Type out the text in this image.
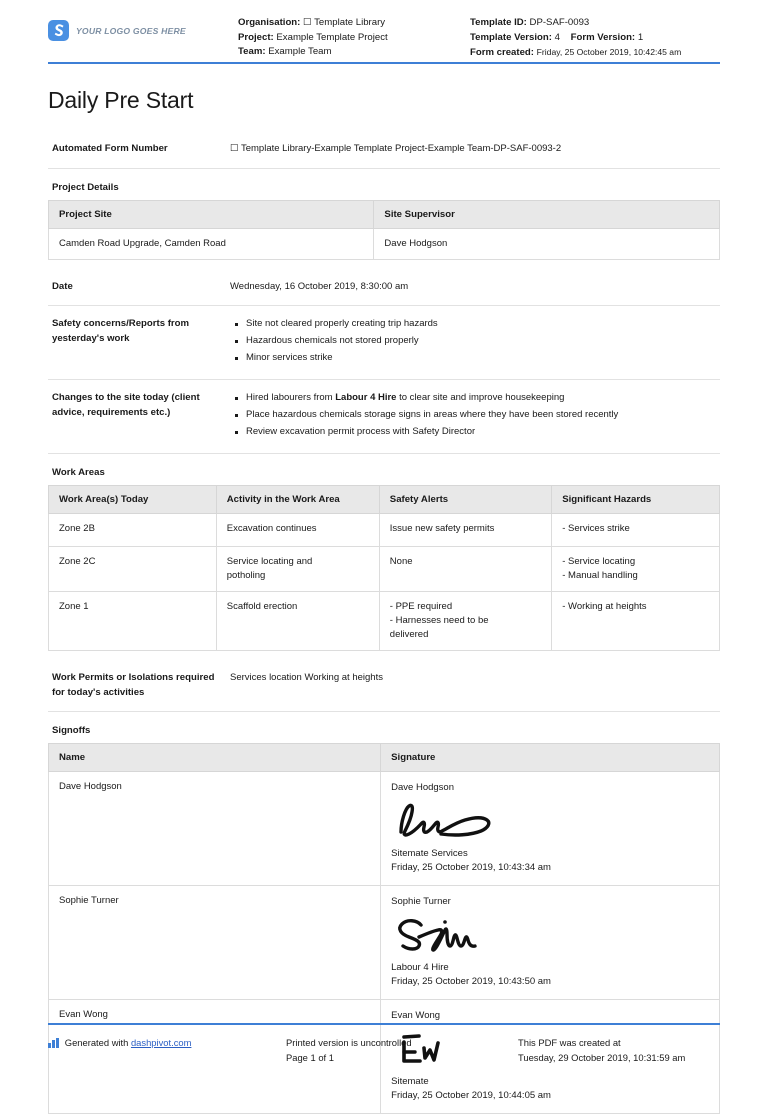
YOUR LOGO GOES HERE
Organisation: ☐ Template Library
Project: Example Template Project
Team: Example Team
Template ID: DP-SAF-0093
Template Version: 4 Form Version: 1
Form created: Friday, 25 October 2019, 10:42:45 am
Daily Pre Start
Automated Form Number	☐ Template Library-Example Template Project-Example Team-DP-SAF-0093-2
Project Details
Project Site	Site Supervisor
Camden Road Upgrade, Camden Road	Dave Hodgson
Date	Wednesday, 16 October 2019, 8:30:00 am
Safety concerns/Reports from yesterday's work
Site not cleared properly creating trip hazards
Hazardous chemicals not stored properly
Minor services strike
Changes to the site today (client advice, requirements etc.)
Hired labourers from Labour 4 Hire to clear site and improve housekeeping
Place hazardous chemicals storage signs in areas where they have been stored recently
Review excavation permit process with Safety Director
Work Areas
Work Area(s) Today	Activity in the Work Area	Safety Alerts	Significant Hazards
Zone 2B	Excavation continues	Issue new safety permits	- Services strike

Zone 2C	Service locating and
potholing	None	- Service locating
- Manual handling

Zone 1	Scaffold erection	- PPE required
- Harnesses need to be
delivered	- Working at heights
Work Permits or Isolations required for today's activities
Services location Working at heights
Signoffs
Name	Signature
Dave Hodgson	Dave Hodgson
Sitemate Services
Friday, 25 October 2019, 10:43:34 am

Sophie Turner	Sophie Turner
Labour 4 Hire
Friday, 25 October 2019, 10:43:50 am

Evan Wong	Evan Wong
Sitemate
Friday, 25 October 2019, 10:44:05 am
Generated with dashpivot.com	Printed version is uncontrolled
Page 1 of 1
This PDF was created at
Tuesday, 29 October 2019, 10:31:59 am
